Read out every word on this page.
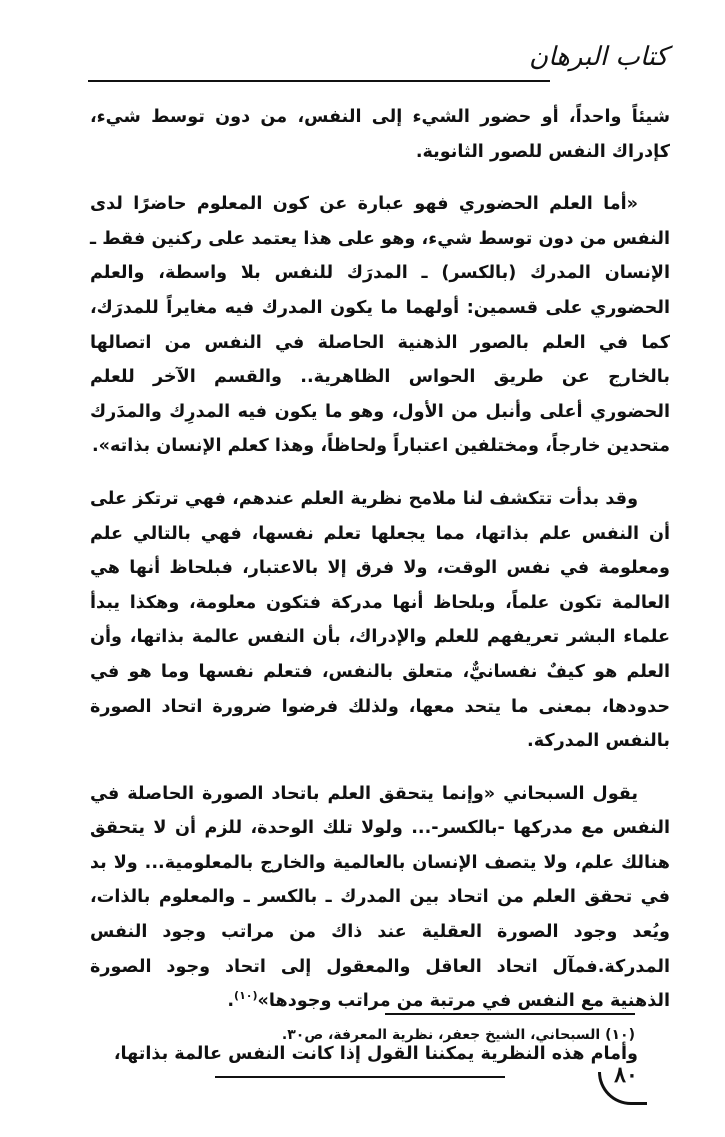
كتاب البرهان

شيئاً واحداً، أو حضور الشيء إلى النفس، من دون توسط شيء، كإدراك النفس للصور الثانوية.

«أما العلم الحضوري فهو عبارة عن كون المعلوم حاضرًا لدى النفس من دون توسط شيء، وهو على هذا يعتمد على ركنين فقط ـ الإنسان المدرك (بالكسر) ـ المدرَك للنفس بلا واسطة، والعلم الحضوري على قسمين: أولهما ما يكون المدرك فيه مغايراً للمدرَك، كما في العلم بالصور الذهنية الحاصلة في النفس من اتصالها بالخارج عن طريق الحواس الظاهرية.. والقسم الآخر للعلم الحضوري أعلى وأنبل من الأول، وهو ما يكون فيه المدرِك والمدَرك متحدين خارجاً، ومختلفين اعتباراً ولحاظاً، وهذا كعلم الإنسان بذاته».

وقد بدأت تتكشف لنا ملامح نظرية العلم عندهم، فهي ترتكز على أن النفس علم بذاتها، مما يجعلها تعلم نفسها، فهي بالتالي علم ومعلومة في نفس الوقت، ولا فرق إلا بالاعتبار، فبلحاظ أنها هي العالمة تكون علماً، وبلحاظ أنها مدركة فتكون معلومة، وهكذا يبدأ علماء البشر تعريفهم للعلم والإدراك، بأن النفس عالمة بذاتها، وأن العلم هو كيفٌ نفسانيٌّ، متعلق بالنفس، فتعلم نفسها وما هو في حدودها، بمعنى ما يتحد معها، ولذلك فرضوا ضرورة اتحاد الصورة بالنفس المدركة.

يقول السبحاني «وإنما يتحقق العلم باتحاد الصورة الحاصلة في النفس مع مدركها -بالكسر-... ولولا تلك الوحدة، للزم أن لا يتحقق هنالك علم، ولا يتصف الإنسان بالعالمية والخارج بالمعلومية... ولا بد في تحقق العلم من اتحاد بين المدرك ـ بالكسر ـ والمعلوم بالذات، ويُعد وجود الصورة العقلية عند ذاك من مراتب وجود النفس المدركة.فمآل اتحاد العاقل والمعقول إلى اتحاد وجود الصورة الذهنية مع النفس في مرتبة من مراتب وجودها»$^{(١٠)}$.

وأمام هذه النظرية يمكننا القول إذا كانت النفس عالمة بذاتها،

(١٠) السبحاني، الشيخ جعفر، نظرية المعرفة، ص٣٠.
٨٠
